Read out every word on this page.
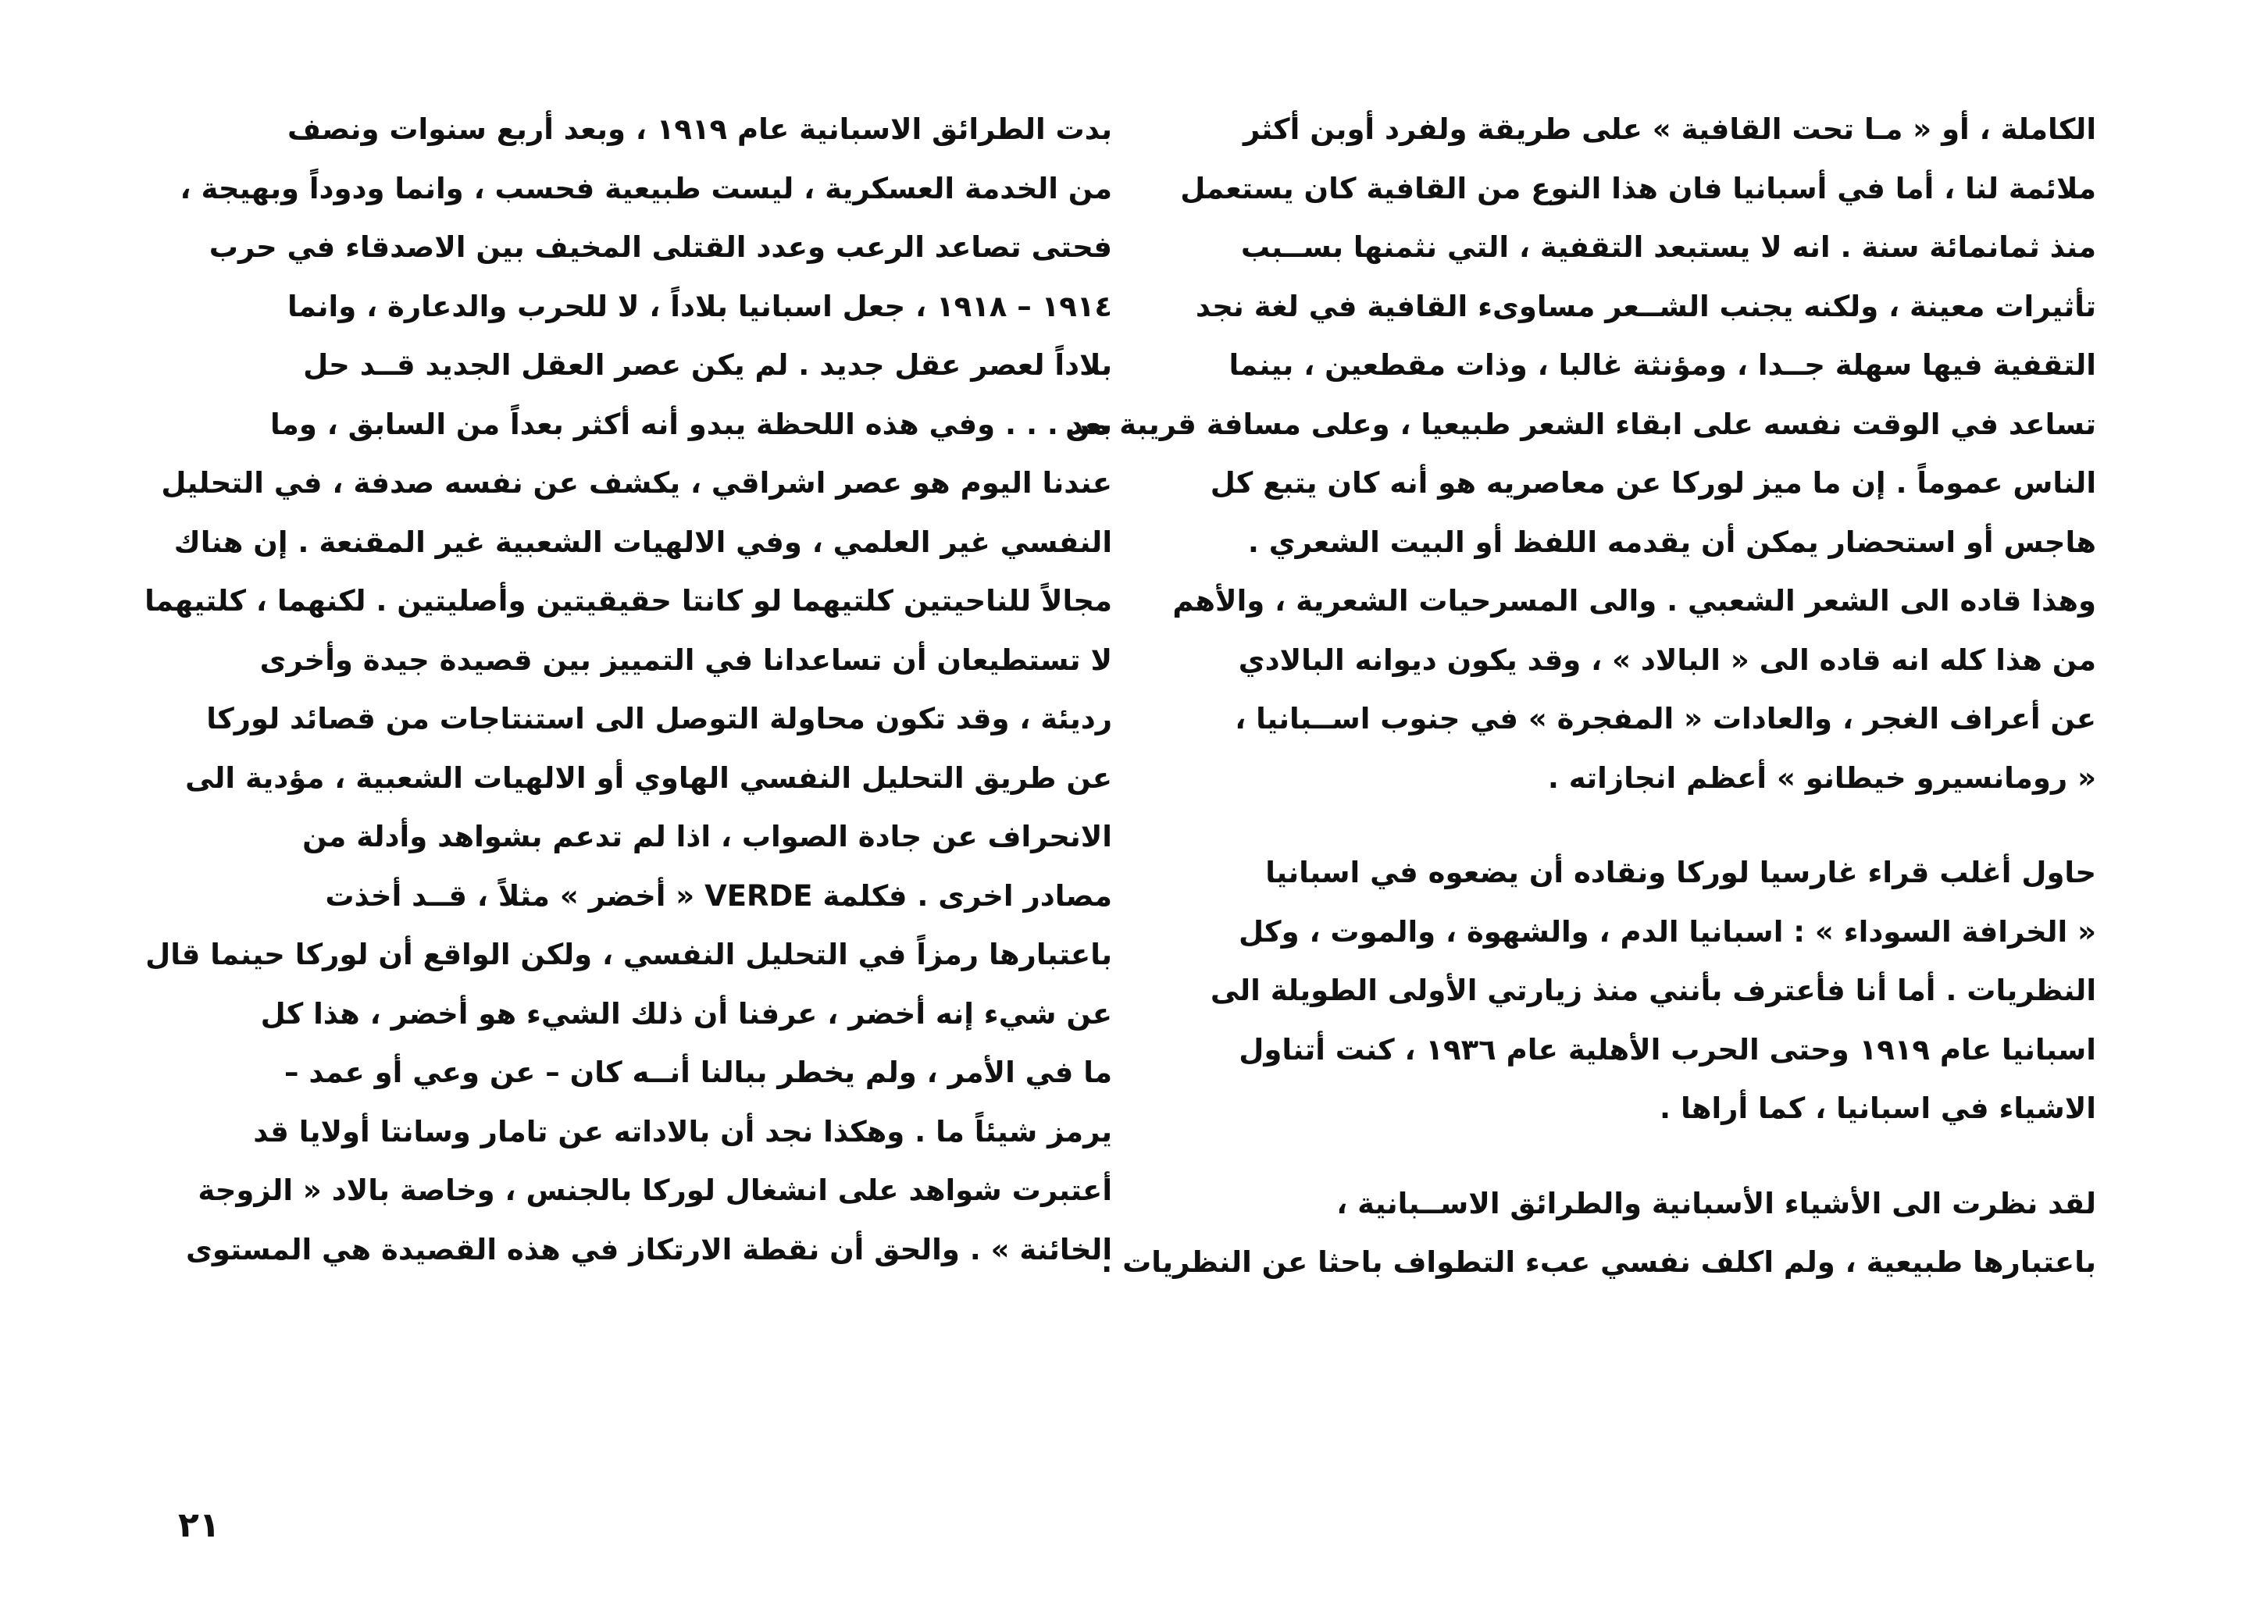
الكاملة ، أو « مـا تحت القافية » على طريقة ولفرد أوبن أكثر
ملائمة لنا ، أما في أسبانيا فان هذا النوع من القافية كان يستعمل
منذ ثمانمائة سنة . انه لا يستبعد التقفية ، التي نثمنها بســبب
تأثيرات معينة ، ولكنه يجنب الشــعر مساوىء القافية في لغة نجد
التقفية فيها سهلة جــدا ، ومؤنثة غالبا ، وذات مقطعين ، بينما
تساعد في الوقت نفسه على ابقاء الشعر طبيعيا ، وعلى مسافة قريبة من
الناس عموماً . إن ما ميز لوركا عن معاصريه هو أنه كان يتبع كل
هاجس أو استحضار يمكن أن يقدمه اللفظ أو البيت الشعري .
وهذا قاده الى الشعر الشعبي . والى المسرحيات الشعرية ، والأهم
من هذا كله انه قاده الى « البالاد » ، وقد يكون ديوانه البالادي
عن أعراف الغجر ، والعادات « المفجرة » في جنوب اســبانيا ،
« رومانسيرو خيطانو » أعظم انجازاته .
حاول أغلب قراء غارسيا لوركا ونقاده أن يضعوه في اسبانيا
« الخرافة السوداء » : اسبانيا الدم ، والشهوة ، والموت ، وكل
النظريات . أما أنا فأعترف بأنني منذ زيارتي الأولى الطويلة الى
اسبانيا عام ١٩١٩ وحتى الحرب الأهلية عام ١٩٣٦ ، كنت أتناول
الاشياء في اسبانيا ، كما أراها .
لقد نظرت الى الأشياء الأسبانية والطرائق الاســبانية ،
باعتبارها طبيعية ، ولم اكلف نفسي عبء التطواف باحثا عن النظريات .
بدت الطرائق الاسبانية عام ١٩١٩ ، وبعد أربع سنوات ونصف
من الخدمة العسكرية ، ليست طبيعية فحسب ، وانما ودوداً وبهيجة ،
فحتى تصاعد الرعب وعدد القتلى المخيف بين الاصدقاء في حرب
١٩١٤ – ١٩١٨ ، جعل اسبانيا بلاداً ، لا للحرب والدعارة ، وانما
بلاداً لعصر عقل جديد . لم يكن عصر العقل الجديد قــد حل
بعد . . . وفي هذه اللحظة يبدو أنه أكثر بعداً من السابق ، وما
عندنا اليوم هو عصر اشراقي ، يكشف عن نفسه صدفة ، في التحليل
النفسي غير العلمي ، وفي الالهيات الشعبية غير المقنعة . إن هناك
مجالاً للناحيتين كلتيهما لو كانتا حقيقيتين وأصليتين . لكنهما ، كلتيهما
لا تستطيعان أن تساعدانا في التمييز بين قصيدة جيدة وأخرى
رديئة ، وقد تكون محاولة التوصل الى استنتاجات من قصائد لوركا
عن طريق التحليل النفسي الهاوي أو الالهيات الشعبية ، مؤدية الى
الانحراف عن جادة الصواب ، اذا لم تدعم بشواهد وأدلة من
مصادر اخرى . فكلمة VERDE « أخضر » مثلاً ، قــد أخذت
باعتبارها رمزاً في التحليل النفسي ، ولكن الواقع أن لوركا حينما قال
عن شيء إنه أخضر ، عرفنا أن ذلك الشيء هو أخضر ، هذا كل
ما في الأمر ، ولم يخطر ببالنا أنــه كان – عن وعي أو عمد –
يرمز شيئاً ما . وهكذا نجد أن بالاداته عن تامار وسانتا أولايا قد
أعتبرت شواهد على انشغال لوركا بالجنس ، وخاصة بالاد « الزوجة
الخائنة » . والحق أن نقطة الارتكاز في هذه القصيدة هي المستوى
٢١
